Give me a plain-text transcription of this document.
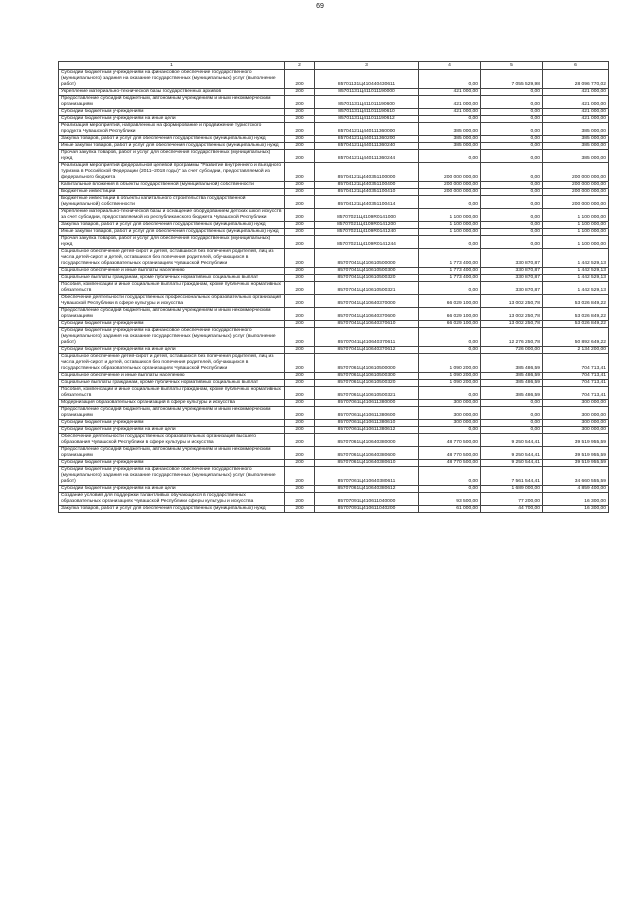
69
1	2	3	4	5	6
Субсидии бюджетным учреждениям на финансовое обеспечение государственного (муниципального) задания на оказание государственных (муниципальных) услуг (выполнение работ)	200	85701131Ц410440430611	0,00	7 055 529,98	28 096 770,02
Укрепление материально-технической базы государственных архивов	200	85701131Ц411011190000	421 000,00	0,00	421 000,00
Предоставление субсидий бюджетным, автономным учреждениям и иным некоммерческим организациям	200	85701131Ц411011190600	421 000,00	0,00	421 000,00
Субсидии бюджетным учреждениям	200	85701131Ц411011190610	421 000,00	0,00	421 000,00
Субсидии бюджетным учреждениям на иные цели	200	85701131Ц411011190612	0,00	0,00	421 000,00
Реализация мероприятий, направленных на формирование и продвижение туристского продукта Чувашской Республики	200	85704121Ц440111360000	385 000,00	0,00	385 000,00
Закупка товаров, работ и услуг для обеспечения государственных (муниципальных) нужд	200	85704121Ц440111360200	385 000,00	0,00	385 000,00
Иные закупки товаров, работ и услуг для обеспечения государственных (муниципальных) нужд	200	85704121Ц440111360240	385 000,00	0,00	385 000,00
Прочая закупка товаров, работ и услуг для обеспечения государственных (муниципальных) нужд	200	85704121Ц440111360244	0,00	0,00	385 000,00
Реализация мероприятий федеральной целевой программы "Развитие внутреннего и въездного туризма в Российской Федерации (2011–2018 годы)" за счет субсидии, предоставляемой из федерального бюджета	200	85704121Ц440351100000	200 000 000,00	0,00	200 000 000,00
Капитальные вложения в объекты государственной (муниципальной) собственности	200	85704121Ц440351100400	200 000 000,00	0,00	200 000 000,00
Бюджетные инвестиции	200	85704121Ц440351100410	200 000 000,00	0,00	200 000 000,00
Бюджетные инвестиции в объекты капитального строительства государственной (муниципальной) собственности	200	85704121Ц440351100414	0,00	0,00	200 000 000,00
Укрепление материально-технической базы и оснащение оборудованием детских школ искусств за счет субсидии, предоставляемой из республиканского бюджета Чувашской Республики	200	85707021Ц4109R0141000	1 100 000,00	0,00	1 100 000,00
Закупка товаров, работ и услуг для обеспечения государственных (муниципальных) нужд	200	85707021Ц4109R0141200	1 100 000,00	0,00	1 100 000,00
Иные закупки товаров, работ и услуг для обеспечения государственных (муниципальных) нужд	200	85707021Ц4109R0141240	1 100 000,00	0,00	1 100 000,00
Прочая закупка товаров, работ и услуг для обеспечения государственных (муниципальных) нужд	200	85707021Ц4109R0141244	0,00	0,00	1 100 000,00
Социальное обеспечение детей-сирот и детей, оставшихся без попечения родителей, лиц из числа детей-сирот и детей, оставшихся без попечения родителей, обучающихся в государственных образовательных организациях Чувашской Республики	200	85707041Ц410610500000	1 773 400,00	330 870,87	1 442 529,13
Социальное обеспечение и иные выплаты населению	200	85707041Ц410610500300	1 773 400,00	330 870,87	1 442 529,13
Социальные выплаты гражданам, кроме публичных нормативных социальных выплат	200	85707041Ц410610500320	1 773 400,00	330 870,87	1 442 529,13
Пособия, компенсации и иные социальные выплаты гражданам, кроме публичных нормативных обязательств	200	85707041Ц410610500321	0,00	330 870,87	1 442 529,13
Обеспечение деятельности государственных профессиональных образовательных организаций Чувашской Республики в сфере культуры и искусства	200	85707041Ц410640370000	66 029 100,00	13 002 250,78	53 026 849,22
Предоставление субсидий бюджетным, автономным учреждениям и иным некоммерческим организациям	200	85707041Ц410640370600	66 029 100,00	13 002 250,78	53 026 849,22
Субсидии бюджетным учреждениям	200	85707041Ц410640370610	66 029 100,00	13 002 250,78	53 026 849,22
Субсидии бюджетным учреждениям на финансовое обеспечение государственного (муниципального) задания на оказание государственных (муниципальных) услуг (выполнение работ)	200	85707041Ц410640370611	0,00	12 276 250,78	50 892 649,22
Субсидии бюджетным учреждениям на иные цели	200	85707041Ц410640370612	0,00	726 000,00	2 134 200,00
Социальное обеспечение детей-сирот и детей, оставшихся без попечения родителей, лиц из числа детей-сирот и детей, оставшихся без попечения родителей, обучающихся в государственных образовательных организациях Чувашской Республики	200	85707061Ц410610500000	1 090 200,00	385 486,59	704 713,41
Социальное обеспечение и иные выплаты населению	200	85707061Ц410610500300	1 090 200,00	385 486,59	704 713,41
Социальные выплаты гражданам, кроме публичных нормативных социальных выплат	200	85707061Ц410610500320	1 090 200,00	385 486,59	704 713,41
Пособия, компенсации и иные социальные выплаты гражданам, кроме публичных нормативных обязательств	200	85707061Ц410610500321	0,00	385 486,59	704 713,41
Модернизация образовательных организаций в сфере культуры и искусства	200	85707061Ц410611380000	300 000,00	0,00	300 000,00
Предоставление субсидий бюджетным, автономным учреждениям и иным некоммерческим организациям	200	85707061Ц410611380600	300 000,00	0,00	300 000,00
Субсидии бюджетным учреждениям	200	85707061Ц410611380610	300 000,00	0,00	300 000,00
Субсидии бюджетным учреждениям на иные цели	200	85707061Ц410611380612	0,00	0,00	300 000,00
Обеспечение деятельности государственных образовательных организаций высшего образования Чувашской Республики в сфере культуры и искусства	200	85707061Ц410640380000	48 770 500,00	9 250 544,41	39 519 955,59
Предоставление субсидий бюджетным, автономным учреждениям и иным некоммерческим организациям	200	85707061Ц410640380600	48 770 500,00	9 250 544,41	39 519 955,59
Субсидии бюджетным учреждениям	200	85707061Ц410640380610	48 770 500,00	9 250 544,41	39 519 955,59
Субсидии бюджетным учреждениям на финансовое обеспечение государственного (муниципального) задания на оказание государственных (муниципальных) услуг (выполнение работ)	200	85707061Ц410640380611	0,00	7 561 544,41	34 660 555,59
Субсидии бюджетным учреждениям на иные цели	200	85707061Ц410640380612	0,00	1 689 000,00	4 859 400,00
Создание условий для поддержки талантливых обучающихся в государственных образовательных организациях Чувашской Республики сферы культуры и искусства	200	85707091Ц410611040000	93 500,00	77 200,00	16 300,00
Закупка товаров, работ и услуг для обеспечения государственных (муниципальных) нужд	200	85707091Ц410611040200	61 000,00	44 700,00	16 300,00
